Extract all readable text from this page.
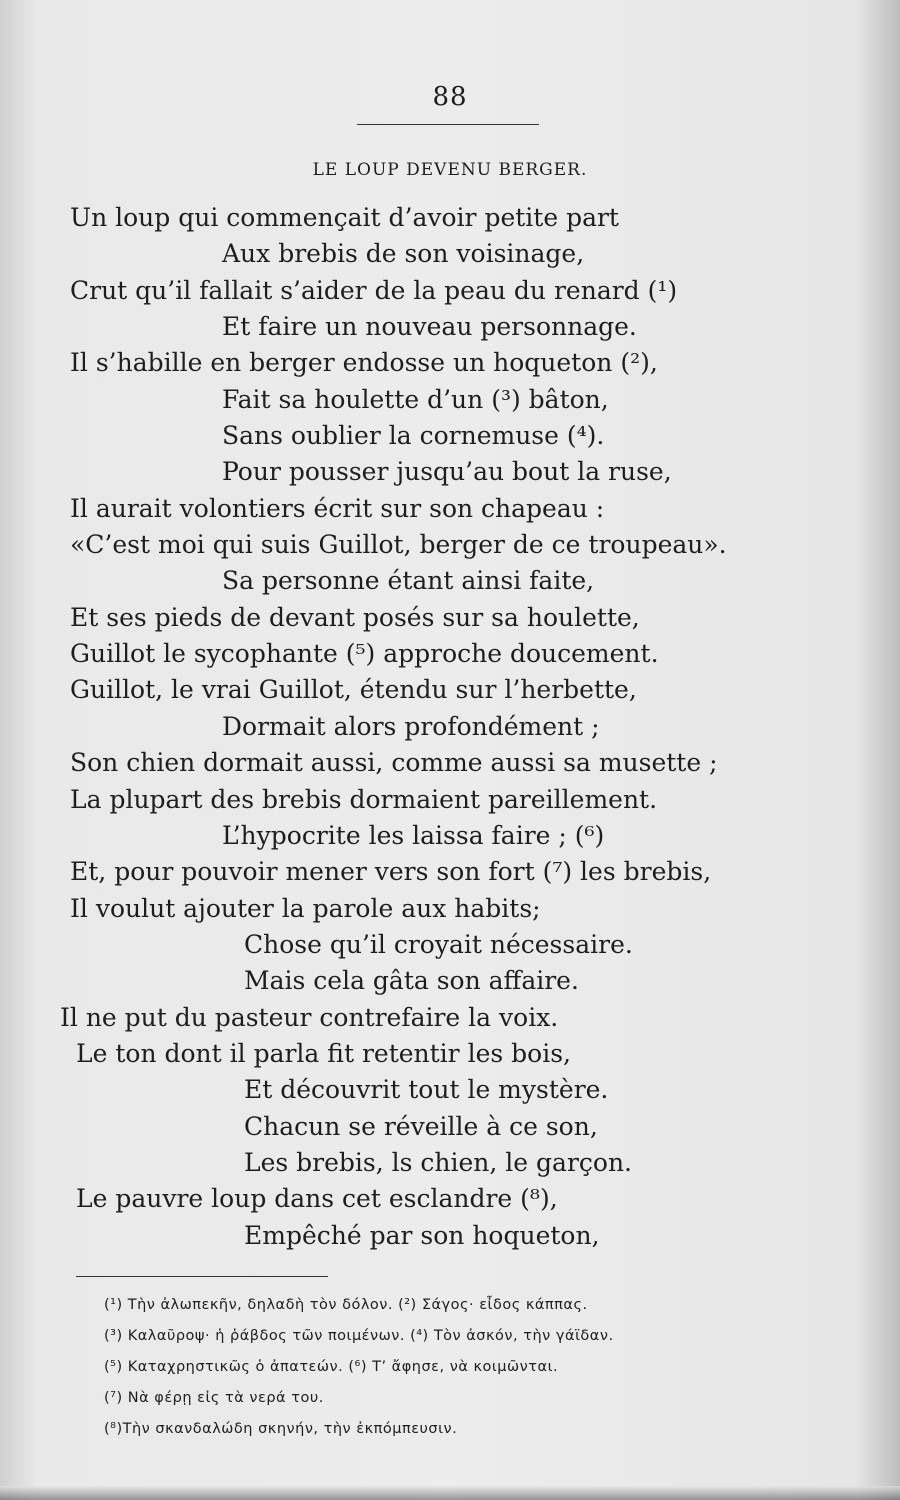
88
LE LOUP DEVENU BERGER.
Un loup qui commençait d’avoir petite part
Aux brebis de son voisinage,
Crut qu’il fallait s’aider de la peau du renard (¹)
Et faire un nouveau personnage.
Il s’habille en berger endosse un hoqueton (²),
Fait sa houlette d’un (³) bâton,
Sans oublier la cornemuse (⁴).
Pour pousser jusqu’au bout la ruse,
Il aurait volontiers écrit sur son chapeau :
«C’est moi qui suis Guillot, berger de ce troupeau».
Sa personne étant ainsi faite,
Et ses pieds de devant posés sur sa houlette,
Guillot le sycophante (⁵) approche doucement.
Guillot, le vrai Guillot, étendu sur l’herbette,
Dormait alors profondément ;
Son chien dormait aussi, comme aussi sa musette ;
La plupart des brebis dormaient pareillement.
L’hypocrite les laissa faire ; (⁶)
Et, pour pouvoir mener vers son fort (⁷) les brebis,
Il voulut ajouter la parole aux habits;
Chose qu’il croyait nécessaire.
Mais cela gâta son affaire.
Il ne put du pasteur contrefaire la voix.
Le ton dont il parla fit retentir les bois,
Et découvrit tout le mystère.
Chacun se réveille à ce son,
Les brebis, ls chien, le garçon.
Le pauvre loup dans cet esclandre (⁸),
Empêché par son hoqueton,
(¹) Τὴν ἀλωπεκῆν, δηλαδὴ τὸν δόλον. (²) Σάγος· εἶδος κάππας.
(³) Καλαῦροψ· ἡ ῥάβδος τῶν ποιμένων. (⁴) Τὸν ἀσκόν, τὴν γάϊδαν.
(⁵) Καταχρηστικῶς ὁ ἀπατεών. (⁶) Τ’ ἄφησε, νὰ κοιμῶνται.
(⁷) Νὰ φέρῃ εἰς τὰ νερά του.
(⁸)Τὴν σκανδαλώδη σκηνήν, τὴν ἐκπόμπευσιν.
